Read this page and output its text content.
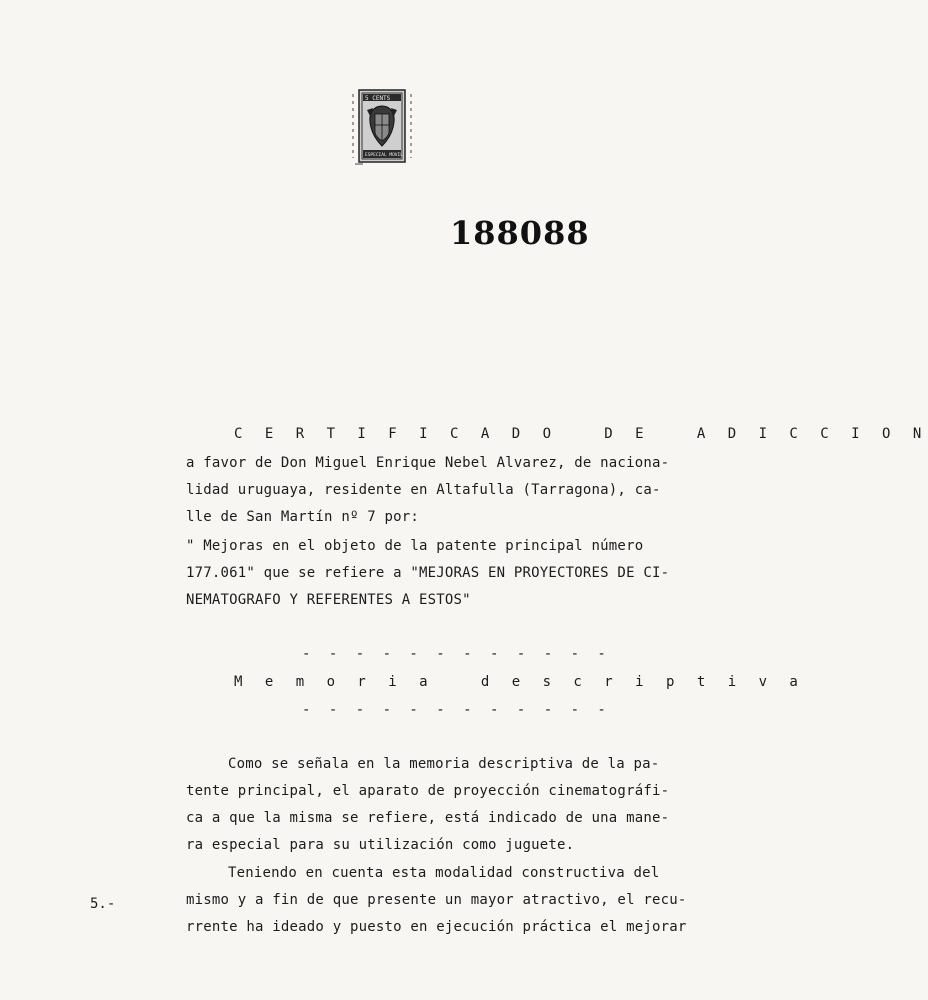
5 CENTS
ESPECIAL MOVIL
188088
C E R T I F I C A D O   D E   A D I C C I O N
a favor de Don Miguel Enrique Nebel Alvarez, de naciona-
lidad uruguaya, residente en Altafulla (Tarragona), ca-
lle de San Martín nº 7 por:
" Mejoras en el objeto de la patente principal número
177.061" que se refiere a "MEJORAS EN PROYECTORES DE CI-
NEMATOGRAFO Y REFERENTES A ESTOS"
- - - - - - - - - - - -
M e m o r i a   d e s c r i p t i v a
- - - - - - - - - - - -
Como se señala en la memoria descriptiva de la pa-
tente principal, el aparato de proyección cinematográfi-
ca a que la misma se refiere, está indicado de una mane-
ra especial para su utilización como juguete.
Teniendo en cuenta esta modalidad constructiva del
mismo y a fin de que presente un mayor atractivo, el recu-
rrente ha ideado y puesto en ejecución práctica el mejorar
5.-
